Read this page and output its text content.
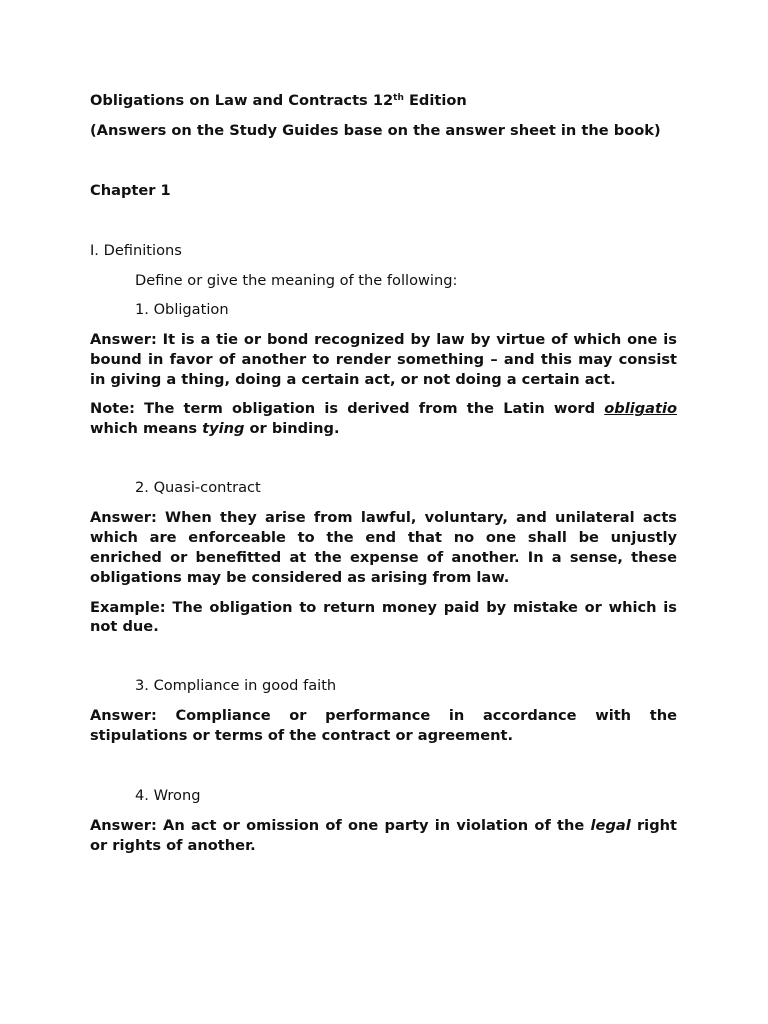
Obligations on Law and Contracts 12th Edition

(Answers on the Study Guides base on the answer sheet in the book)

Chapter 1

I. Definitions

Define or give the meaning of the following:

1. Obligation

Answer: It is a tie or bond recognized by law by virtue of which one is bound in favor of another to render something – and this may consist in giving a thing, doing a certain act, or not doing a certain act.

Note: The term obligation is derived from the Latin word obligatio which means tying or binding.

2. Quasi-contract

Answer: When they arise from lawful, voluntary, and unilateral acts which are enforceable to the end that no one shall be unjustly enriched or benefitted at the expense of another. In a sense, these obligations may be considered as arising from law.

Example: The obligation to return money paid by mistake or which is not due.

3. Compliance in good faith

Answer: Compliance or performance in accordance with the stipulations or terms of the contract or agreement.

4. Wrong

Answer: An act or omission of one party in violation of the legal right or rights of another.
